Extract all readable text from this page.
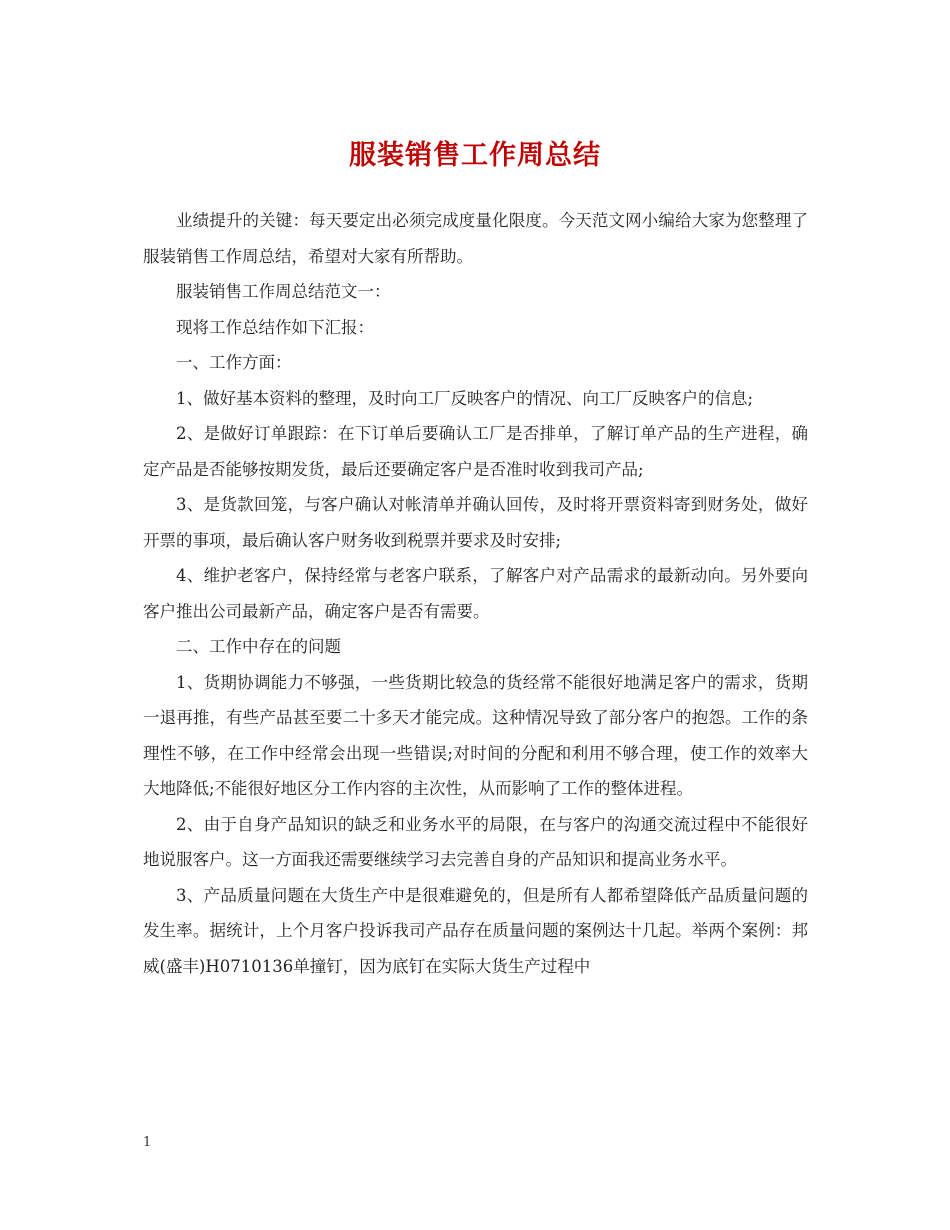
服装销售工作周总结

业绩提升的关键：每天要定出必须完成度量化限度。今天范文网小编给大家为您整理了服装销售工作周总结，希望对大家有所帮助。

服装销售工作周总结范文一：

现将工作总结作如下汇报：

一、工作方面：

1、做好基本资料的整理，及时向工厂反映客户的情况、向工厂反映客户的信息;

2、是做好订单跟踪：在下订单后要确认工厂是否排单，了解订单产品的生产进程，确定产品是否能够按期发货，最后还要确定客户是否准时收到我司产品;

3、是货款回笼，与客户确认对帐清单并确认回传，及时将开票资料寄到财务处，做好开票的事项，最后确认客户财务收到税票并要求及时安排;

4、维护老客户，保持经常与老客户联系，了解客户对产品需求的最新动向。另外要向客户推出公司最新产品，确定客户是否有需要。

二、工作中存在的问题

1、货期协调能力不够强，一些货期比较急的货经常不能很好地满足客户的需求，货期一退再推，有些产品甚至要二十多天才能完成。这种情况导致了部分客户的抱怨。工作的条理性不够，在工作中经常会出现一些错误;对时间的分配和利用不够合理，使工作的效率大大地降低;不能很好地区分工作内容的主次性，从而影响了工作的整体进程。

2、由于自身产品知识的缺乏和业务水平的局限，在与客户的沟通交流过程中不能很好地说服客户。这一方面我还需要继续学习去完善自身的产品知识和提高业务水平。

3、产品质量问题在大货生产中是很难避免的，但是所有人都希望降低产品质量问题的发生率。据统计，上个月客户投诉我司产品存在质量问题的案例达十几起。举两个案例：邦威(盛丰)H0710136单撞钉，因为底钉在实际大货生产过程中

1
